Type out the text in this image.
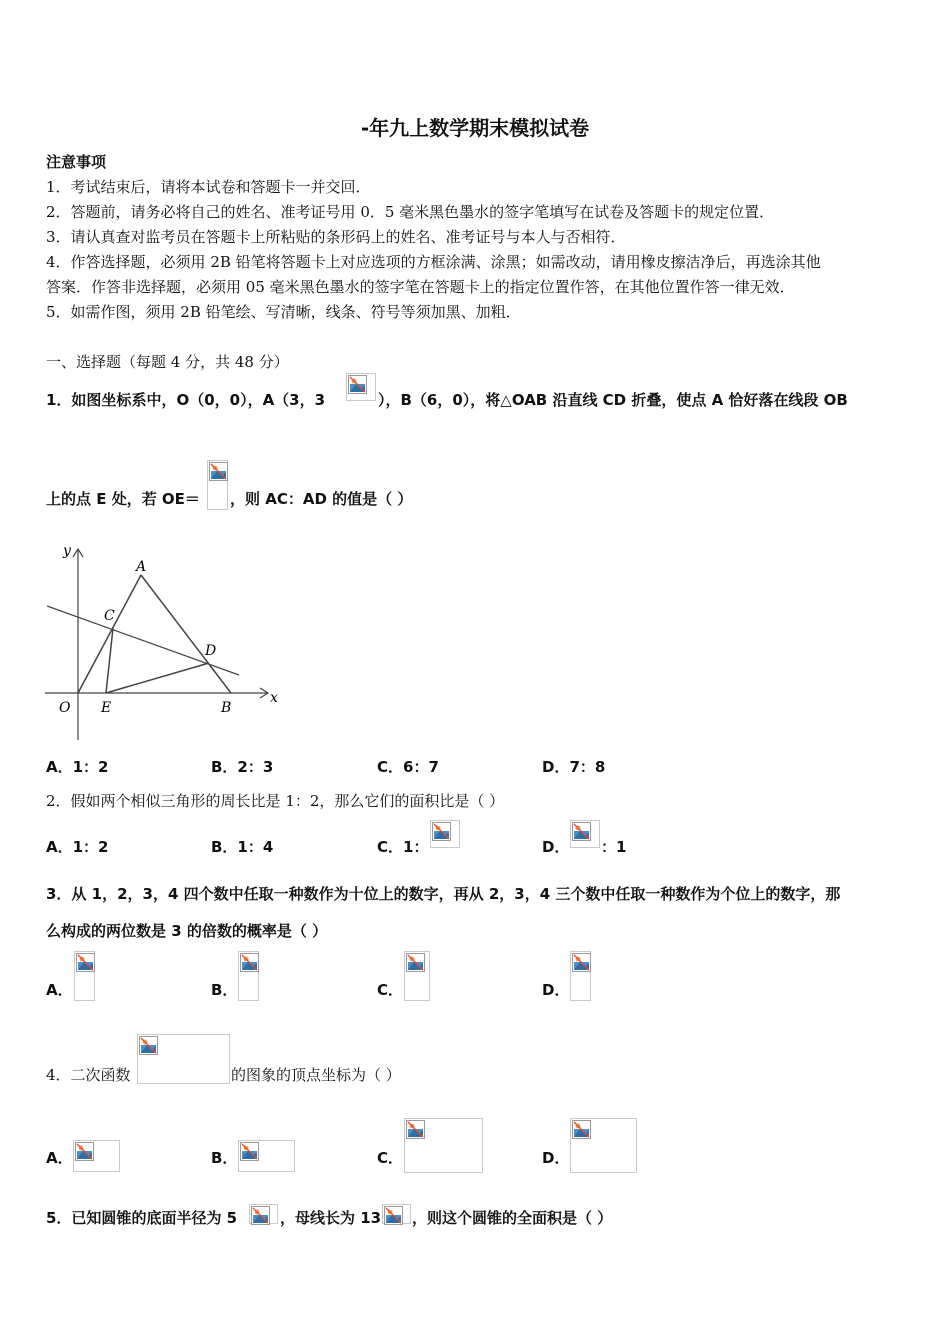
-年九上数学期末模拟试卷
注意事项
1．考试结束后，请将本试卷和答题卡一并交回．
2．答题前，请务必将自己的姓名、准考证号用 0．5 毫米黑色墨水的签字笔填写在试卷及答题卡的规定位置．
3．请认真查对监考员在答题卡上所粘贴的条形码上的姓名、准考证号与本人与否相符．
4．作答选择题，必须用 2B 铅笔将答题卡上对应选项的方框涂满、涂黑；如需改动，请用橡皮擦洁净后，再选涂其他
答案．作答非选择题，必须用 05 毫米黑色墨水的签字笔在答题卡上的指定位置作答，在其他位置作答一律无效．
5．如需作图，须用 2B 铅笔绘、写清晰，线条、符号等须加黑、加粗．
一、选择题（每题 4 分，共 48 分）
1．如图坐标系中，O（0，0），A（3，3	），B（6，0），将△OAB 沿直线 CD 折叠，使点 A 恰好落在线段 OB
上的点 E 处，若 OE＝ ，则 AC：AD 的值是（ ）
y
x
O
A
B
C
D
E
A．1：2	B．2：3	C．6：7	D．7：8
2．假如两个相似三角形的周长比是 1：2，那么它们的面积比是（ ）
A．1：2	B．1：4	C．1：	D． ：1
3．从 1，2，3，4 四个数中任取一种数作为十位上的数字，再从 2，3，4 三个数中任取一种数作为个位上的数字，那
么构成的两位数是 3 的倍数的概率是（ ）
A．	B．	C．	D．
4．二次函数	的图象的顶点坐标为（ ）
A．	B．	C．	D．
5．已知圆锥的底面半径为 5	，母线长为 13 ，则这个圆锥的全面积是（ ）
